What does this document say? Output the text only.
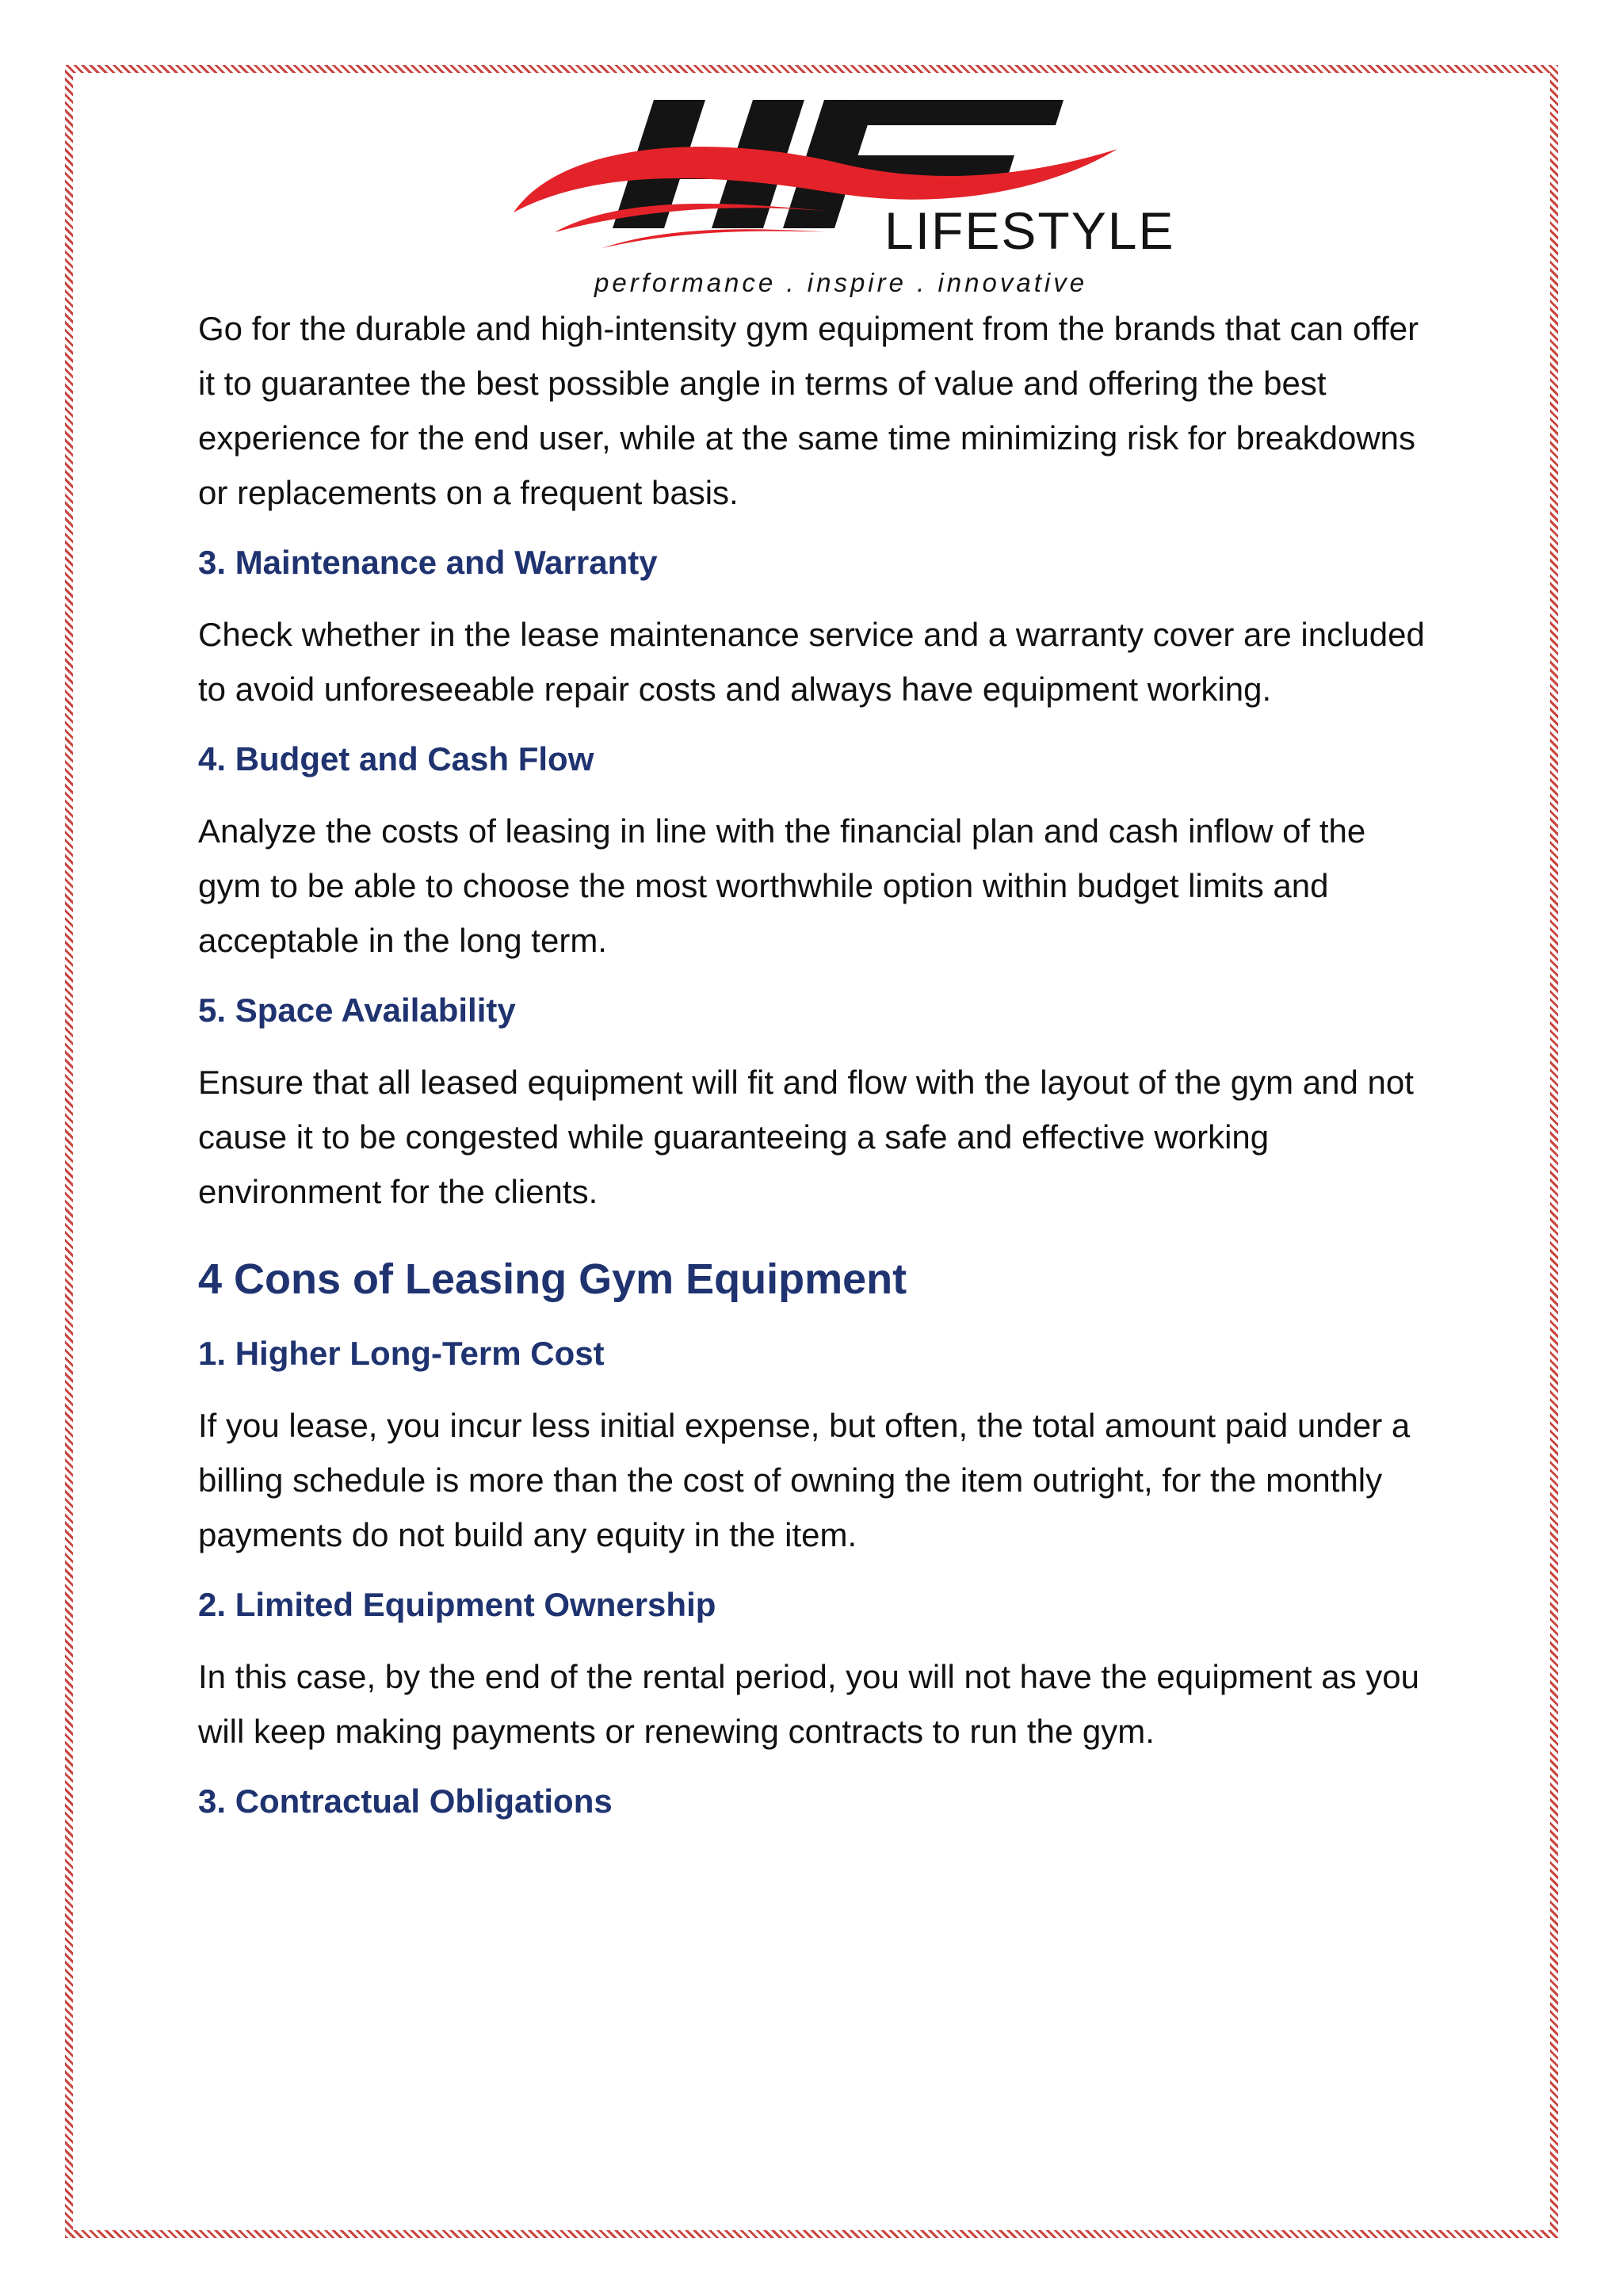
LIFESTYLE
performance . inspire . innovative

Go for the durable and high-intensity gym equipment from the brands that can offer it to guarantee the best possible angle in terms of value and offering the best experience for the end user, while at the same time minimizing risk for breakdowns or replacements on a frequent basis.

3. Maintenance and Warranty

Check whether in the lease maintenance service and a warranty cover are included to avoid unforeseeable repair costs and always have equipment working.

4. Budget and Cash Flow

Analyze the costs of leasing in line with the financial plan and cash inflow of the gym to be able to choose the most worthwhile option within budget limits and acceptable in the long term.

5. Space Availability

Ensure that all leased equipment will fit and flow with the layout of the gym and not cause it to be congested while guaranteeing a safe and effective working environment for the clients.

4 Cons of Leasing Gym Equipment
1. Higher Long-Term Cost

If you lease, you incur less initial expense, but often, the total amount paid under a billing schedule is more than the cost of owning the item outright, for the monthly payments do not build any equity in the item.

2. Limited Equipment Ownership

In this case, by the end of the rental period, you will not have the equipment as you will keep making payments or renewing contracts to run the gym.

3. Contractual Obligations
